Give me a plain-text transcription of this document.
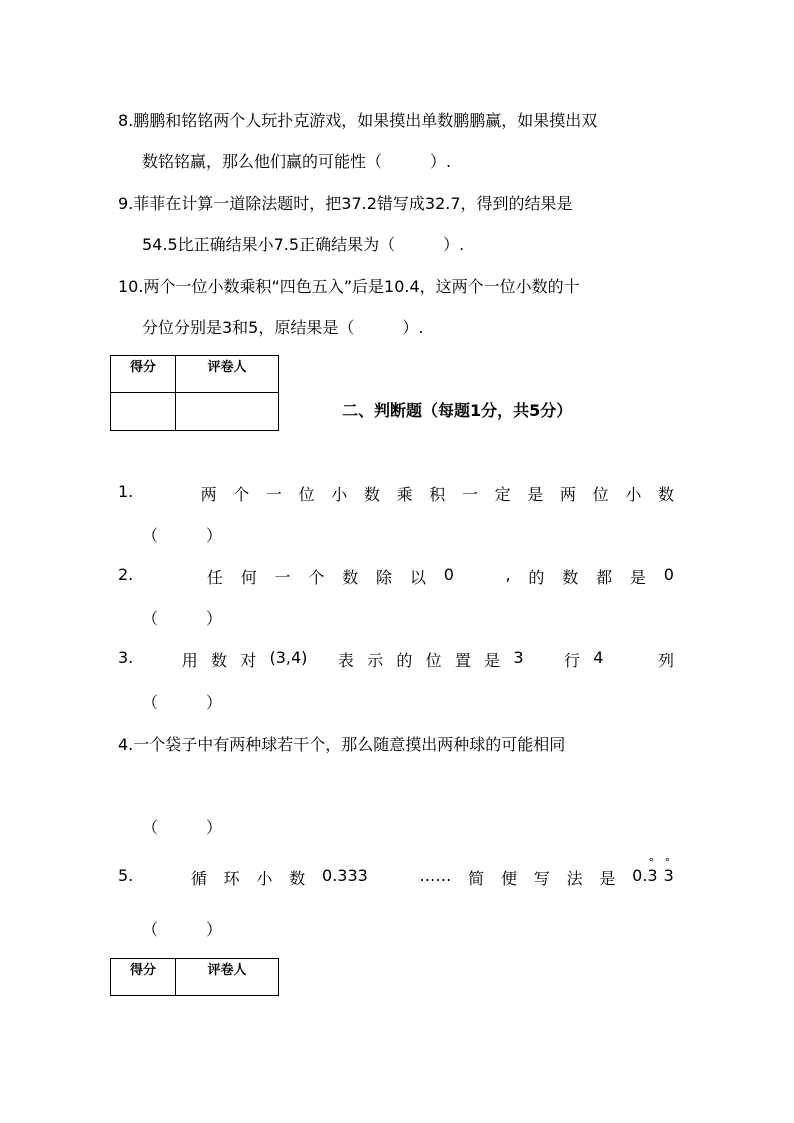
8.鹏鹏和铭铭两个人玩扑克游戏，如果摸出单数鹏鹏赢，如果摸出双
数铭铭赢，那么他们赢的可能性（　　　）.
9.菲菲在计算一道除法题时，把37.2错写成32.7，得到的结果是
54.5比正确结果小7.5正确结果为（　　　）.
10.两个一位小数乘积“四色五入”后是10.4，这两个一位小数的十
分位分别是3和5，原结果是（　　　）.
得分	评卷人

二、判断题（每题1分，共5分）
1.	两 个 一 位 小 数 乘 积 一 定 是 两 位 小 数
（　　　）
2.	任 何 一 个 数 除 以 0	, 的 数 都 是 0
（　　　）
3.	用 数 对 (3,4) 表 示 的 位 置 是 3	行 4	列
（　　　）
4.一个袋子中有两种球若干个，那么随意摸出两种球的可能相同
（　　　）
5.	循 环 小 数 0.333	…… 简 便 写 法 是 0.° 3 ° 3
（　　　）
得分	评卷人
